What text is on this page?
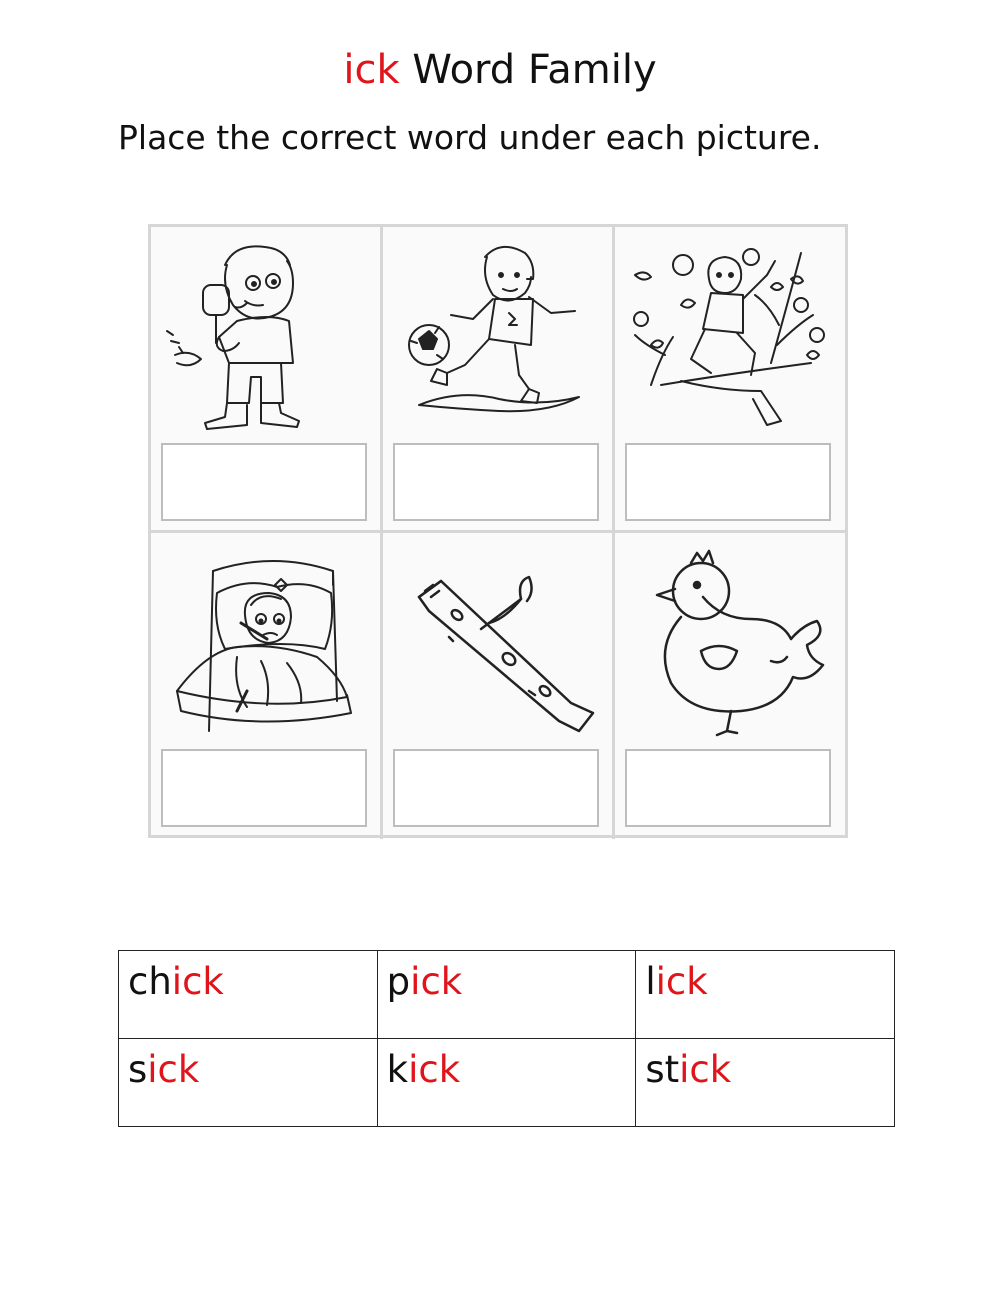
ick Word Family
Place the correct word under each picture.
chick	pick	lick
sick	kick	stick
